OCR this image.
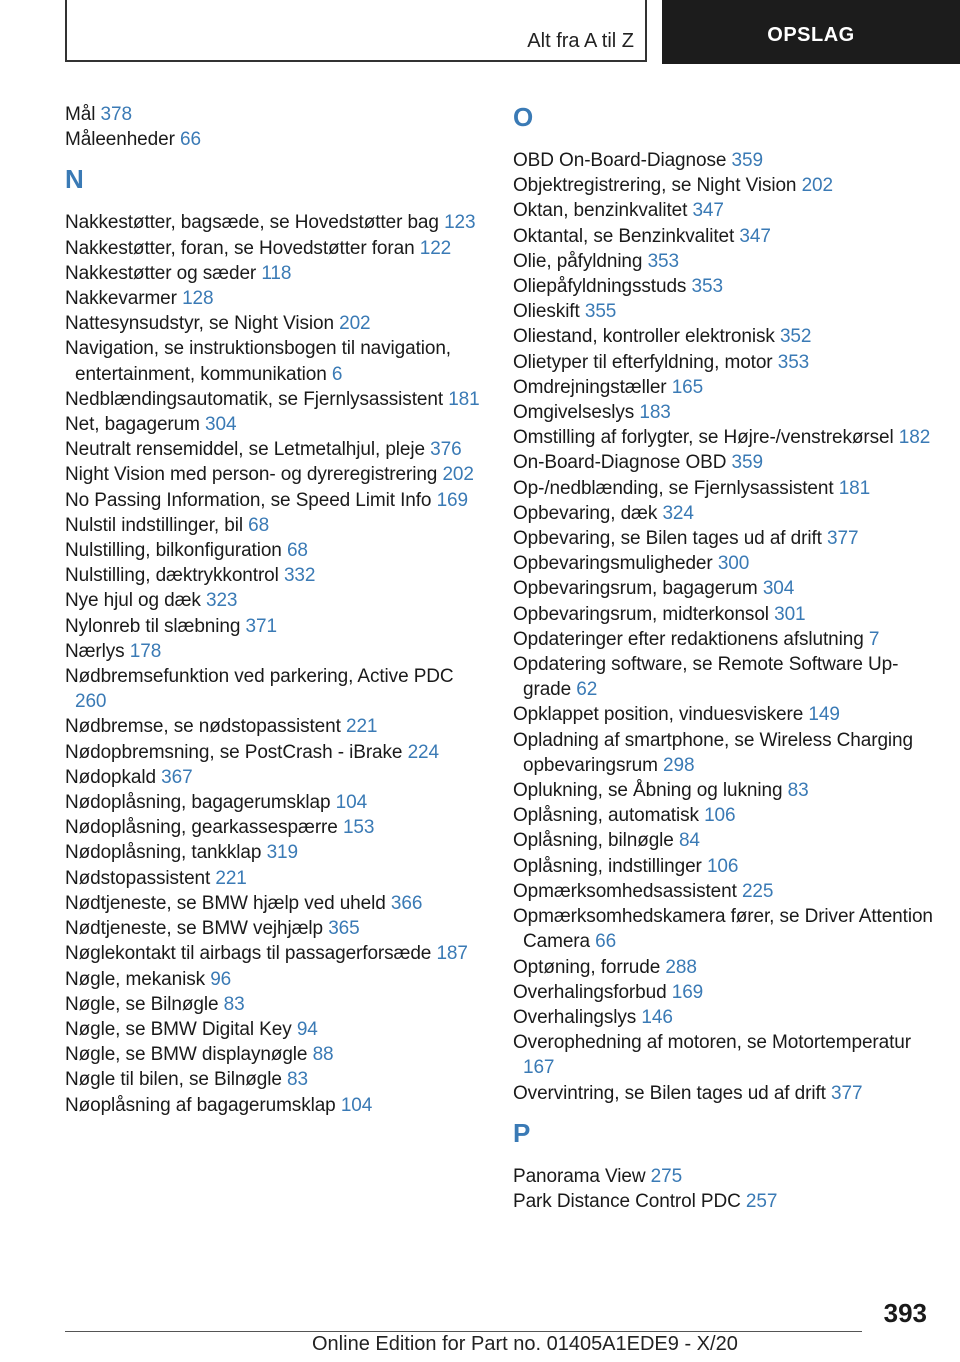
Alt fra A til Z	OPSLAG
Mål 378
Måleenheder 66
N
Nakkestøtter, bagsæde, se Hovedstøtter bag 123
Nakkestøtter, foran, se Hovedstøtter foran 122
Nakkestøtter og sæder 118
Nakkevarmer 128
Nattesynsudstyr, se Night Vision 202
Navigation, se instruktionsbogen til navigation, entertainment, kommunikation 6
Nedblændingsautomatik, se Fjernlysassistent 181
Net, bagagerum 304
Neutralt rensemiddel, se Letmetalhjul, pleje 376
Night Vision med person- og dyreregistrering 202
No Passing Information, se Speed Limit Info 169
Nulstil indstillinger, bil 68
Nulstilling, bilkonfiguration 68
Nulstilling, dæktrykkontrol 332
Nye hjul og dæk 323
Nylonreb til slæbning 371
Nærlys 178
Nødbremsefunktion ved parkering, Active PDC 260
Nødbremse, se nødstopassistent 221
Nødopbremsning, se PostCrash - iBrake 224
Nødopkald 367
Nødoplåsning, bagagerumsklap 104
Nødoplåsning, gearkassespærre 153
Nødoplåsning, tankklap 319
Nødstopassistent 221
Nødtjeneste, se BMW hjælp ved uheld 366
Nødtjeneste, se BMW vejhjælp 365
Nøglekontakt til airbags til passagerforsæde 187
Nøgle, mekanisk 96
Nøgle, se Bilnøgle 83
Nøgle, se BMW Digital Key 94
Nøgle, se BMW displaynøgle 88
Nøgle til bilen, se Bilnøgle 83
Nøoplåsning af bagagerumsklap 104
O
OBD On-Board-Diagnose 359
Objektregistrering, se Night Vision 202
Oktan, benzinkvalitet 347
Oktantal, se Benzinkvalitet 347
Olie, påfyldning 353
Oliepåfyldningsstuds 353
Olieskift 355
Oliestand, kontroller elektronisk 352
Olietyper til efterfyldning, motor 353
Omdrejningstæller 165
Omgivelseslys 183
Omstilling af forlygter, se Højre-/venstrekørsel 182
On-Board-Diagnose OBD 359
Op-/nedblænding, se Fjernlysassistent 181
Opbevaring, dæk 324
Opbevaring, se Bilen tages ud af drift 377
Opbevaringsmuligheder 300
Opbevaringsrum, bagagerum 304
Opbevaringsrum, midterkonsol 301
Opdateringer efter redaktionens afslutning 7
Opdatering software, se Remote Software Upgrade 62
Opklappet position, vinduesviskere 149
Opladning af smartphone, se Wireless Charging opbevaringsrum 298
Oplukning, se Åbning og lukning 83
Oplåsning, automatisk 106
Oplåsning, bilnøgle 84
Oplåsning, indstillinger 106
Opmærksomhedsassistent 225
Opmærksomhedskamera fører, se Driver Attention Camera 66
Optøning, forrude 288
Overhalingsforbud 169
Overhalingslys 146
Overophedning af motoren, se Motortemperatur 167
Overvintring, se Bilen tages ud af drift 377
P
Panorama View 275
Park Distance Control PDC 257
393
Online Edition for Part no. 01405A1EDE9 - X/20
